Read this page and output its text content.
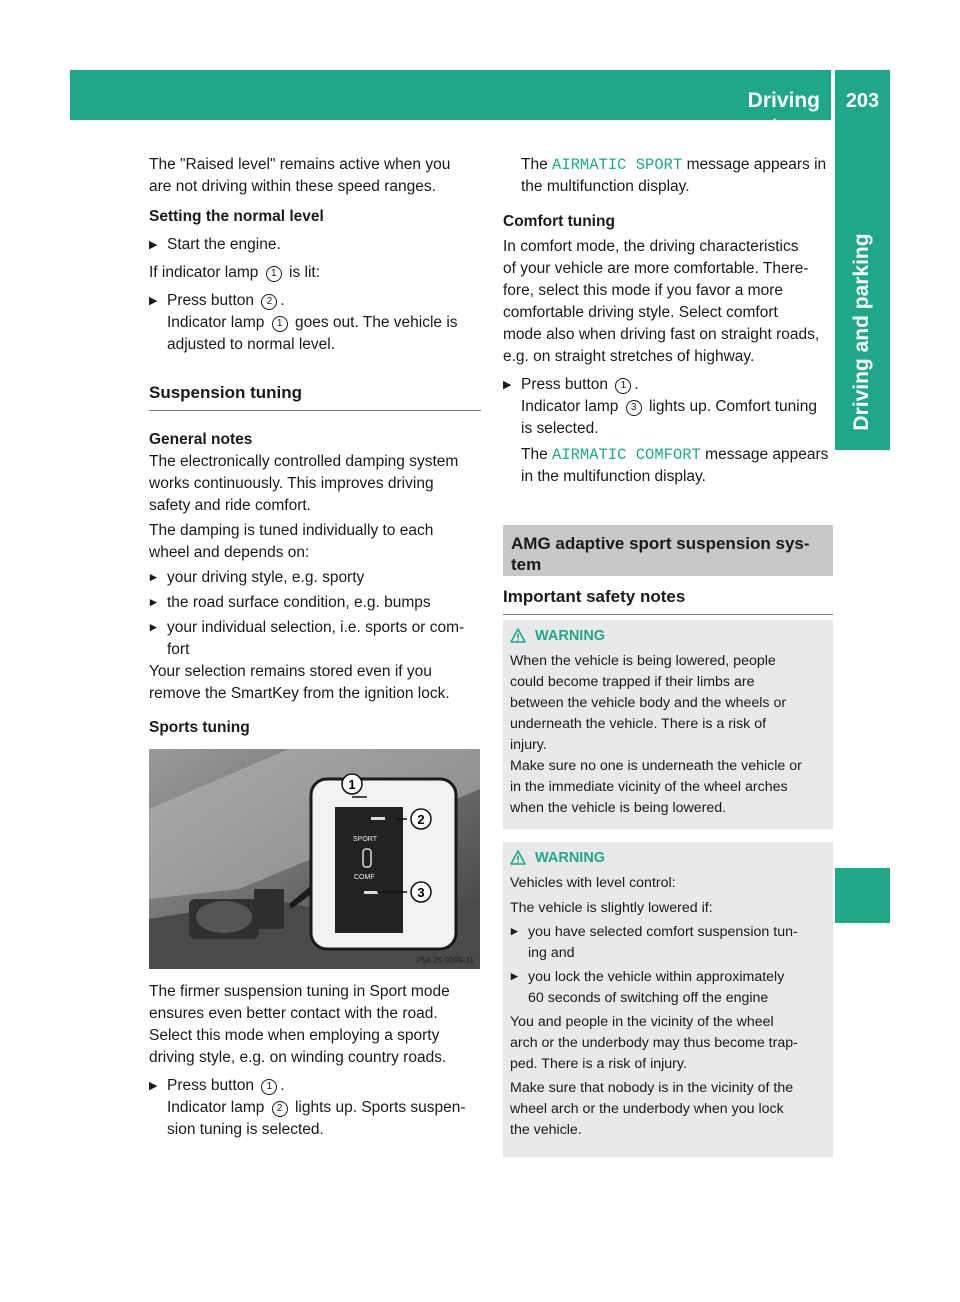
Driving systems
203
Driving and parking

The "Raised level" remains active when you

are not driving within these speed ranges.

Setting the normal level

▶ Start the engine.

If indicator lamp 1 is lit:

▶ Press button 2 .
Indicator lamp 1 goes out. The vehicle is
adjusted to normal level.

Suspension tuning

General notes

The electronically controlled damping system

works continuously. This improves driving

safety and ride comfort.

The damping is tuned individually to each

wheel and depends on:

▸ your driving style, e.g. sporty

▸ the road surface condition, e.g. bumps

▸ your individual selection, i.e. sports or com-
fort

Your selection remains stored even if you

remove the SmartKey from the ignition lock.

Sports tuning

SPORT
COMF
1
2
3
P54.25-9099-31

The firmer suspension tuning in Sport mode

ensures even better contact with the road.

Select this mode when employing a sporty

driving style, e.g. on winding country roads.

▶ Press button 1 .
Indicator lamp 2 lights up. Sports suspen-
sion tuning is selected.

The AIRMATIC SPORT message appears in
the multifunction display.

Comfort tuning

In comfort mode, the driving characteristics

of your vehicle are more comfortable. There-

fore, select this mode if you favor a more

comfortable driving style. Select comfort

mode also when driving fast on straight roads,

e.g. on straight stretches of highway.

▶ Press button 1 .
Indicator lamp 3 lights up. Comfort tuning
is selected.

The AIRMATIC COMFORT message appears
in the multifunction display.

AMG adaptive sport suspension sys-
tem

Important safety notes

WARNING

When the vehicle is being lowered, people

could become trapped if their limbs are

between the vehicle body and the wheels or

underneath the vehicle. There is a risk of

injury.

Make sure no one is underneath the vehicle or

in the immediate vicinity of the wheel arches

when the vehicle is being lowered.

WARNING

Vehicles with level control:

The vehicle is slightly lowered if:

▸ you have selected comfort suspension tun-
ing and

▸ you lock the vehicle within approximately
60 seconds of switching off the engine

You and people in the vicinity of the wheel

arch or the underbody may thus become trap-

ped. There is a risk of injury.

Make sure that nobody is in the vicinity of the

wheel arch or the underbody when you lock

the vehicle.
